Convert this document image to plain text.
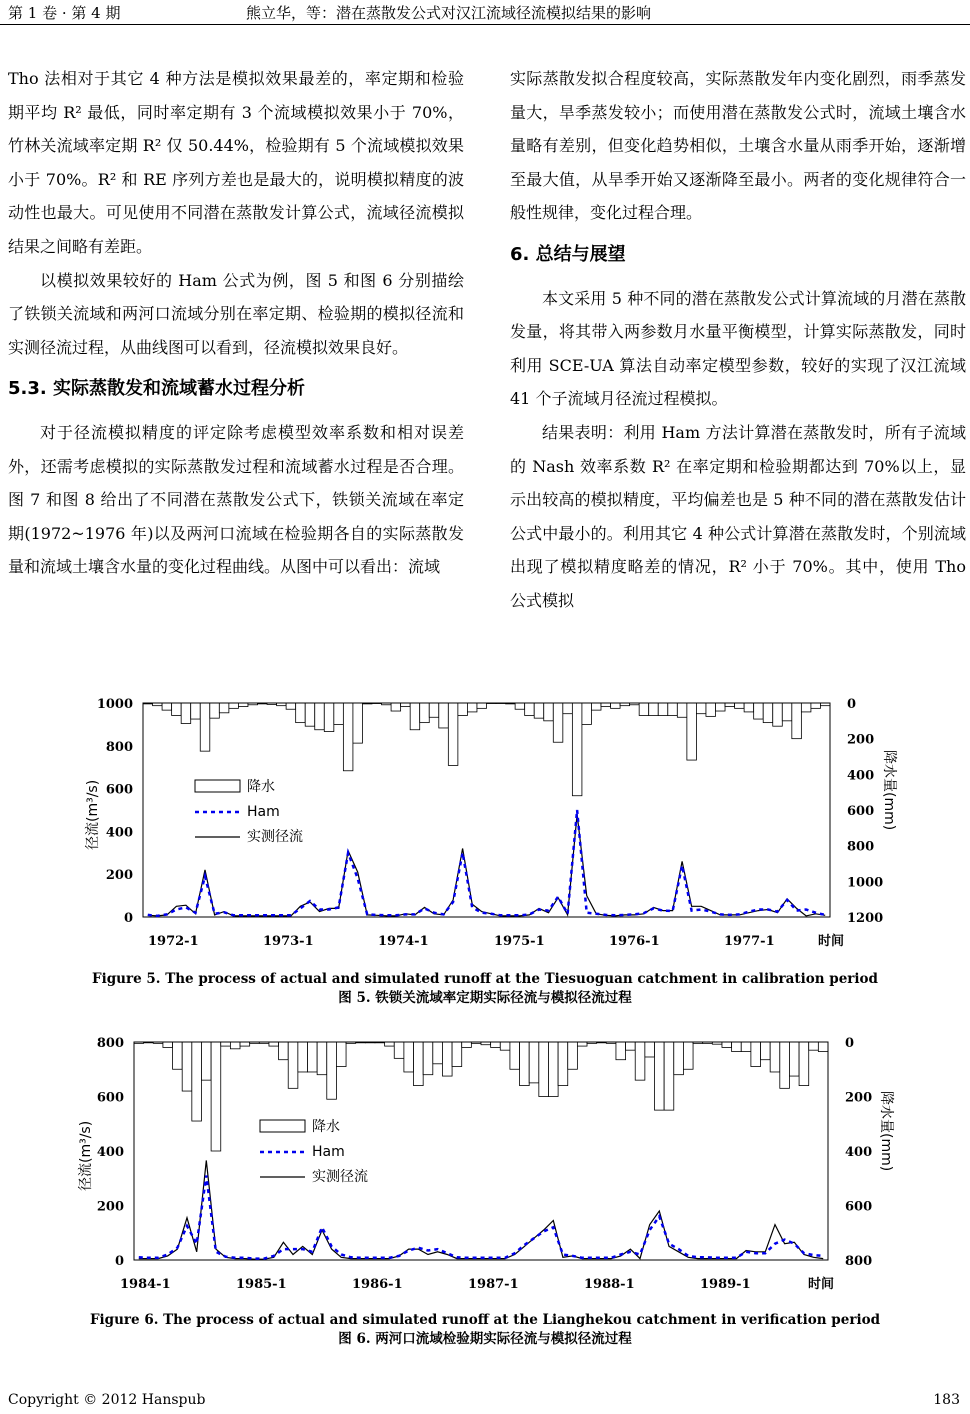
第 1 卷 · 第 4 期	熊立华，等：潜在蒸散发公式对汉江流域径流模拟结果的影响

Tho 法相对于其它 4 种方法是模拟效果最差的，率定期和检验期平均 R² 最低，同时率定期有 3 个流域模拟效果小于 70%，竹林关流域率定期 R² 仅 50.44%，检验期有 5 个流域模拟效果小于 70%。R² 和 RE 序列方差也是最大的，说明模拟精度的波动性也最大。可见使用不同潜在蒸散发计算公式，流域径流模拟结果之间略有差距。

以模拟效果较好的 Ham 公式为例，图 5 和图 6 分别描绘了铁锁关流域和两河口流域分别在率定期、检验期的模拟径流和实测径流过程，从曲线图可以看到，径流模拟效果良好。

5.3. 实际蒸散发和流域蓄水过程分析

对于径流模拟精度的评定除考虑模型效率系数和相对误差外，还需考虑模拟的实际蒸散发过程和流域蓄水过程是否合理。图 7 和图 8 给出了不同潜在蒸散发公式下，铁锁关流域在率定期(1972~1976 年)以及两河口流域在检验期各自的实际蒸散发量和流域土壤含水量的变化过程曲线。从图中可以看出：流域

实际蒸散发拟合程度较高，实际蒸散发年内变化剧烈，雨季蒸发量大，旱季蒸发较小；而使用潜在蒸散发公式时，流域土壤含水量略有差别，但变化趋势相似，土壤含水量从雨季开始，逐渐增至最大值，从旱季开始又逐渐降至最小。两者的变化规律符合一般性规律，变化过程合理。

6. 总结与展望

本文采用 5 种不同的潜在蒸散发公式计算流域的月潜在蒸散发量，将其带入两参数月水量平衡模型，计算实际蒸散发，同时利用 SCE-UA 算法自动率定模型参数，较好的实现了汉江流域 41 个子流域月径流过程模拟。

结果表明：利用 Ham 方法计算潜在蒸散发时，所有子流域的 Nash 效率系数 R² 在率定期和检验期都达到 70%以上，显示出较高的模拟精度，平均偏差也是 5 种不同的潜在蒸散发估计公式中最小的。利用其它 4 种公式计算潜在蒸散发时，个别流域出现了模拟精度略差的情况，R² 小于 70%。其中，使用 Tho 公式模拟

0
200
400
600
800
1000	0
200
400
600
800
1000
1200
1972-1	1973-1	1974-1	1975-1	1976-1	1977-1	时间
径流(m³/s)	降水量(mm)
降水
Ham
实测径流
0
200
400
600
800	0
200
400
600
800
1984-1	1985-1	1986-1	1987-1	1988-1	1989-1	时间
径流(m³/s)	降水量(mm)
降水
Ham
实测径流
Figure 5. The process of actual and simulated runoff at the Tiesuoguan catchment in calibration period
图 5. 铁锁关流域率定期实际径流与模拟径流过程
Figure 6. The process of actual and simulated runoff at the Lianghekou catchment in verification period
图 6. 两河口流域检验期实际径流与模拟径流过程
Copyright © 2012 Hanspub	183
